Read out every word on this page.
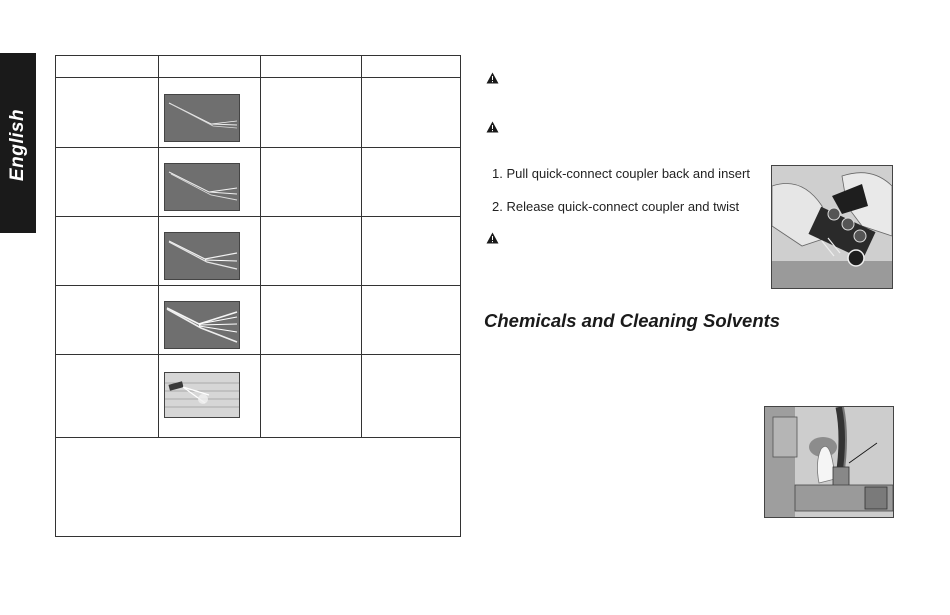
English	1. Pull quick-connect coupler back and insert
2. Release quick-connect coupler and twist
Chemicals and Cleaning Solvents
